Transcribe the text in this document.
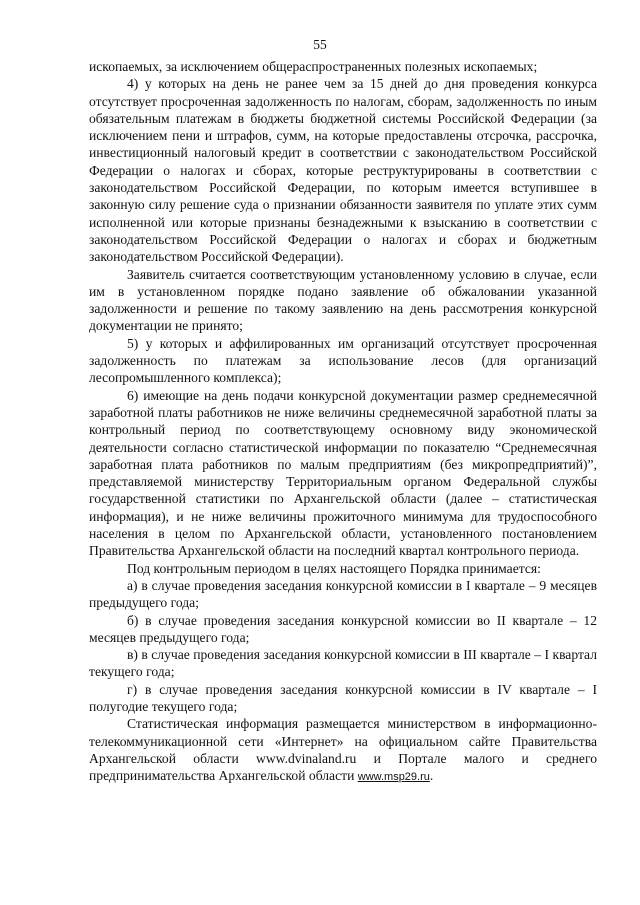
55

ископаемых, за исключением общераспространенных полезных ископаемых;

4) у которых на день не ранее чем за 15 дней до дня проведения конкурса отсутствует просроченная задолженность по налогам, сборам, задолженность по иным обязательным платежам в бюджеты бюджетной системы Российской Федерации (за исключением пени и штрафов, сумм, на которые предоставлены отсрочка, рассрочка, инвестиционный налоговый кредит в соответствии с законодательством Российской Федерации о налогах и сборах, которые реструктурированы в соответствии с законодательством Российской Федерации, по которым имеется вступившее в законную силу решение суда о признании обязанности заявителя по уплате этих сумм исполненной или которые признаны безнадежными к взысканию в соответствии с законодательством Российской Федерации о налогах и сборах и бюджетным законодательством Российской Федерации).

Заявитель считается соответствующим установленному условию в случае, если им в установленном порядке подано заявление об обжаловании указанной задолженности и решение по такому заявлению на день рассмотрения конкурсной документации не принято;

5) у которых и аффилированных им организаций отсутствует просроченная задолженность по платежам за использование лесов (для организаций лесопромышленного комплекса);

6) имеющие на день подачи конкурсной документации размер среднемесячной заработной платы работников не ниже величины среднемесячной заработной платы за контрольный период по соответствующему основному виду экономической деятельности согласно статистической информации по показателю “Среднемесячная заработная плата работников по малым предприятиям (без микропредприятий)”, представляемой министерству Территориальным органом Федеральной службы государственной статистики по Архангельской области (далее – статистическая информация), и не ниже величины прожиточного минимума для трудоспособного населения в целом по Архангельской области, установленного постановлением Правительства Архангельской области на последний квартал контрольного периода.

Под контрольным периодом в целях настоящего Порядка принимается:

а) в случае проведения заседания конкурсной комиссии в I квартале – 9 месяцев предыдущего года;

б) в случае проведения заседания конкурсной комиссии во II квартале – 12 месяцев предыдущего года;

в) в случае проведения заседания конкурсной комиссии в III квартале – I квартал текущего года;

г) в случае проведения заседания конкурсной комиссии в IV квартале – I полугодие текущего года;

Статистическая информация размещается министерством в информационно-телекоммуникационной сети «Интернет» на официальном сайте Правительства Архангельской области www.dvinaland.ru и Портале малого и среднего предпринимательства Архангельской области www.msp29.ru.
